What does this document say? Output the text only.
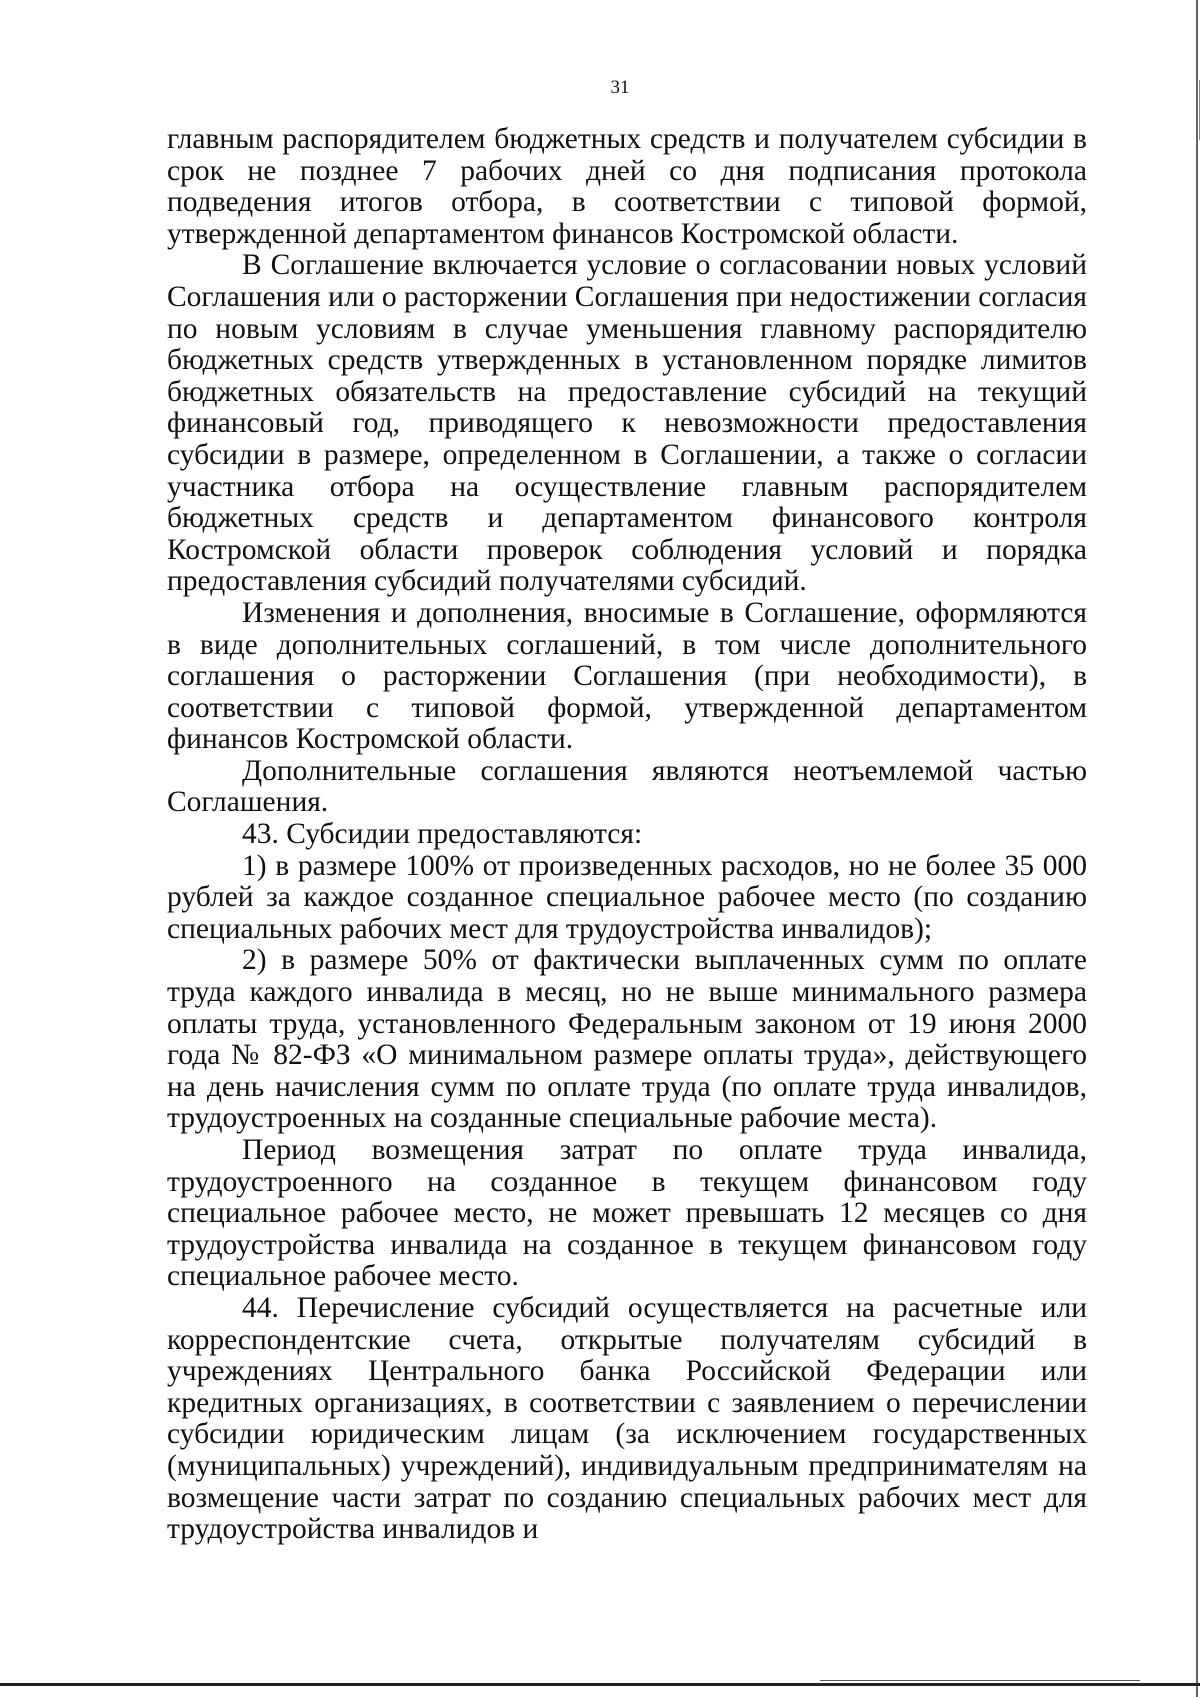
31

главным распорядителем бюджетных средств и получателем субсидии в срок не позднее 7 рабочих дней со дня подписания протокола подведения итогов отбора, в соответствии с типовой формой, утвержденной департаментом финансов Костромской области.

В Соглашение включается условие о согласовании новых условий Соглашения или о расторжении Соглашения при недостижении согласия по новым условиям в случае уменьшения главному распорядителю бюджетных средств утвержденных в установленном порядке лимитов бюджетных обязательств на предоставление субсидий на текущий финансовый год, приводящего к невозможности предоставления субсидии в размере, определенном в Соглашении, а также о согласии участника отбора на осуществление главным распорядителем бюджетных средств и департаментом финансового контроля Костромской области проверок соблюдения условий и порядка предоставления субсидий получателями субсидий.

Изменения и дополнения, вносимые в Соглашение, оформляются в виде дополнительных соглашений, в том числе дополнительного соглашения о расторжении Соглашения (при необходимости), в соответствии с типовой формой, утвержденной департаментом финансов Костромской области.

Дополнительные соглашения являются неотъемлемой частью Соглашения.

43. Субсидии предоставляются:

1) в размере 100% от произведенных расходов, но не более 35 000 рублей за каждое созданное специальное рабочее место (по созданию специальных рабочих мест для трудоустройства инвалидов);

2) в размере 50% от фактически выплаченных сумм по оплате труда каждого инвалида в месяц, но не выше минимального размера оплаты труда, установленного Федеральным законом от 19 июня 2000 года № 82-ФЗ «О минимальном размере оплаты труда», действующего на день начисления сумм по оплате труда (по оплате труда инвалидов, трудоустроенных на созданные специальные рабочие места).

Период возмещения затрат по оплате труда инвалида, трудоустроенного на созданное в текущем финансовом году специальное рабочее место, не может превышать 12 месяцев со дня трудоустройства инвалида на созданное в текущем финансовом году специальное рабочее место.

44. Перечисление субсидий осуществляется на расчетные или корреспондентские счета, открытые получателям субсидий в учреждениях Центрального банка Российской Федерации или кредитных организациях, в соответствии с заявлением о перечислении субсидии юридическим лицам (за исключением государственных (муниципальных) учреждений), индивидуальным предпринимателям на возмещение части затрат по созданию специальных рабочих мест для трудоустройства инвалидов и
